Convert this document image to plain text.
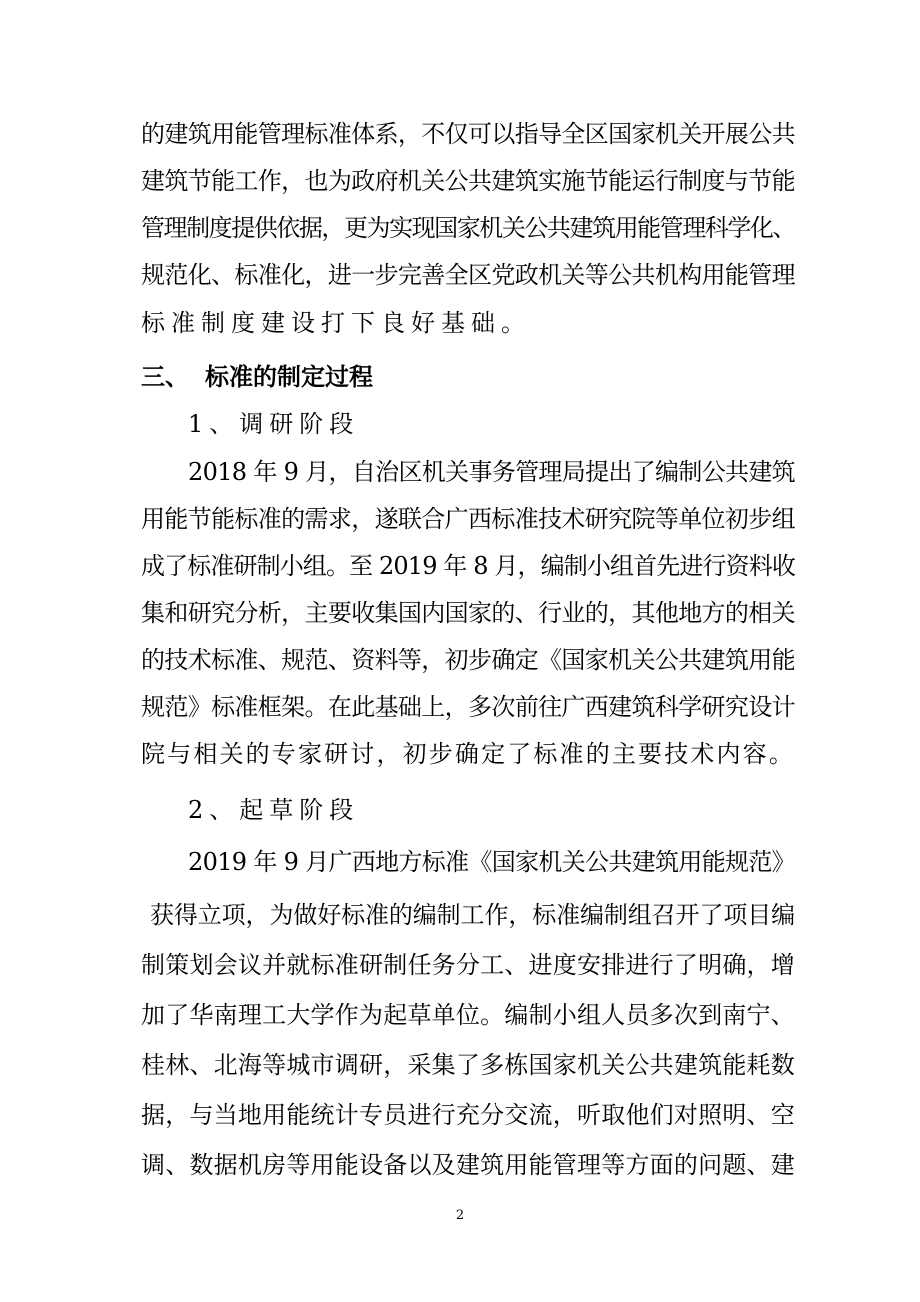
的建筑用能管理标准体系，不仅可以指导全区国家机关开展公共
建筑节能工作，也为政府机关公共建筑实施节能运行制度与节能
管理制度提供依据，更为实现国家机关公共建筑用能管理科学化、
规范化、标准化，进一步完善全区党政机关等公共机构用能管理
标准制度建设打下良好基础。
三、 标准的制定过程
1、调研阶段
2018 年 9 月，自治区机关事务管理局提出了编制公共建筑
用能节能标准的需求，遂联合广西标准技术研究院等单位初步组
成了标准研制小组。至 2019 年 8 月，编制小组首先进行资料收
集和研究分析，主要收集国内国家的、行业的，其他地方的相关
的技术标准、规范、资料等，初步确定《国家机关公共建筑用能
规范》标准框架。在此基础上，多次前往广西建筑科学研究设计
院与相关的专家研讨，初步确定了标准的主要技术内容。
2、起草阶段
2019 年 9 月广西地方标准《国家机关公共建筑用能规范》
获得立项，为做好标准的编制工作，标准编制组召开了项目编
制策划会议并就标准研制任务分工、进度安排进行了明确，增
加了华南理工大学作为起草单位。编制小组人员多次到南宁、
桂林、北海等城市调研，采集了多栋国家机关公共建筑能耗数
据，与当地用能统计专员进行充分交流，听取他们对照明、空
调、数据机房等用能设备以及建筑用能管理等方面的问题、建
2
